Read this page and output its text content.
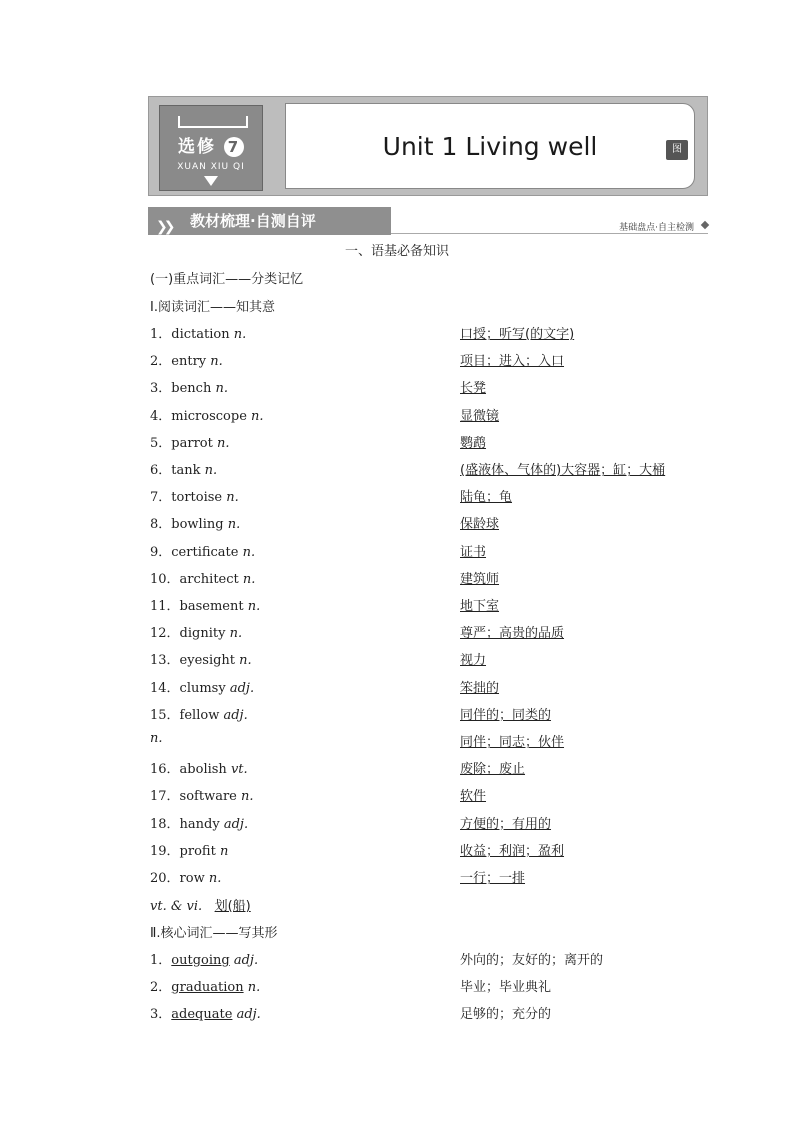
选修 7
XUAN XIU QI
Unit 1 Living well	图
❯❯ 教材梳理·自测自评	基础盘点·自主检测
一、语基必备知识
(一)重点词汇——分类记忆
Ⅰ.阅读词汇——知其意
1．dictation n.	口授；听写(的文字)
2．entry n.	项目；进入；入口
3．bench n.	长凳
4．microscope n.	显微镜
5．parrot n.	鹦鹉
6．tank n.	(盛液体、气体的)大容器；缸；大桶
7．tortoise n.	陆龟；龟
8．bowling n.	保龄球
9．certificate n.	证书
10．architect n.	建筑师
11．basement n.	地下室
12．dignity n.	尊严；高贵的品质
13．eyesight n.	视力
14．clumsy adj.	笨拙的
15．fellow adj.	同伴的；同类的
n.	同伴；同志；伙伴
16．abolish vt.	废除；废止
17．software n.	软件
18．handy adj.	方便的；有用的
19．profit n	收益；利润；盈利
20．row n.	一行；一排
vt. & vi. 划(船)
Ⅱ.核心词汇——写其形
1．outgoing adj.	外向的；友好的；离开的
2．graduation n.	毕业；毕业典礼
3．adequate adj.	足够的；充分的
